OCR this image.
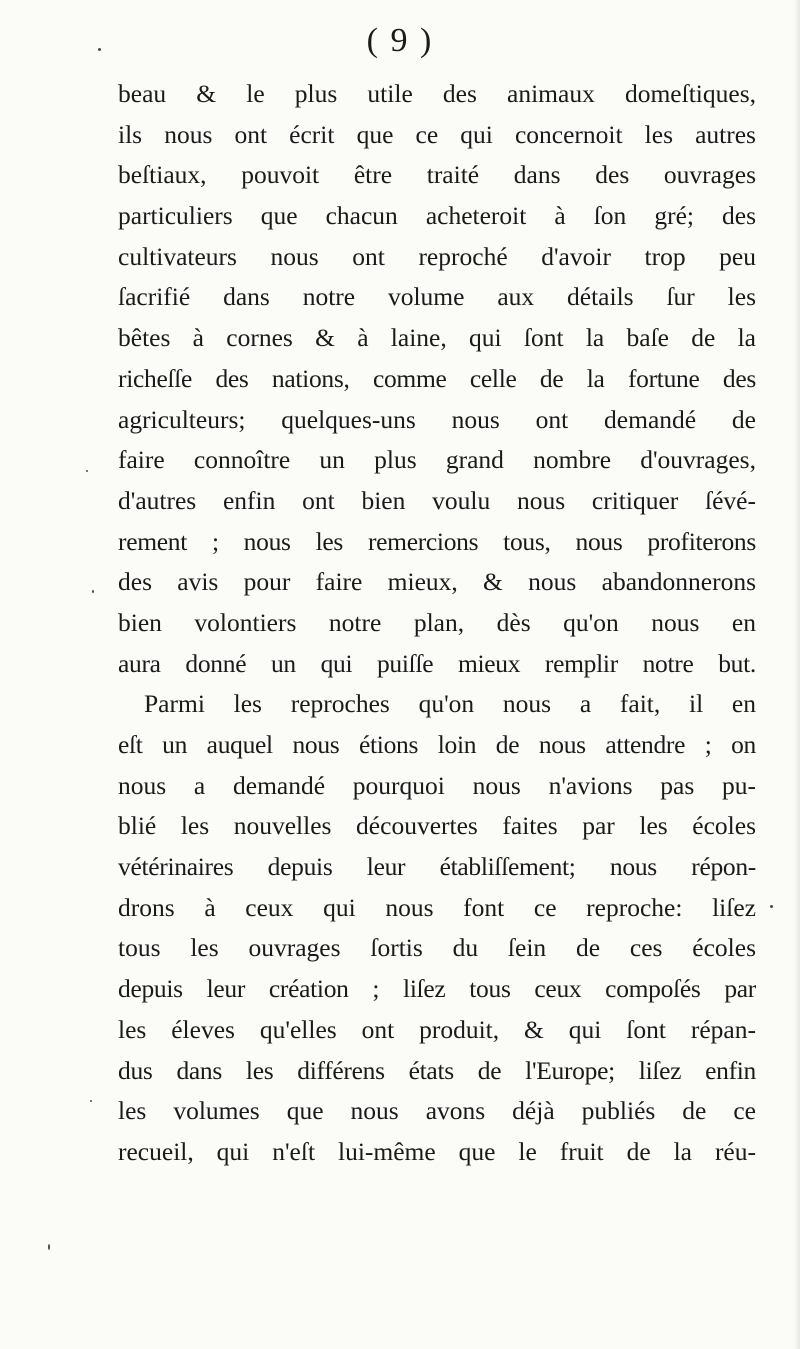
( 9 )
beau & le plus utile des animaux domeſtiques,
ils nous ont écrit que ce qui concernoit les autres
beſtiaux, pouvoit être traité dans des ouvrages
particuliers que chacun acheteroit à ſon gré; des
cultivateurs nous ont reproché d'avoir trop peu
ſacrifié dans notre volume aux détails ſur les
bêtes à cornes & à laine, qui ſont la baſe de la
richeſſe des nations, comme celle de la fortune des
agriculteurs; quelques-uns nous ont demandé de
faire connoître un plus grand nombre d'ouvrages,
d'autres enfin ont bien voulu nous critiquer ſévé-
rement ; nous les remercions tous, nous profiterons
des avis pour faire mieux, & nous abandonnerons
bien volontiers notre plan, dès qu'on nous en
aura donné un qui puiſſe mieux remplir notre but.
Parmi les reproches qu'on nous a fait, il en
eſt un auquel nous étions loin de nous attendre ; on
nous a demandé pourquoi nous n'avions pas pu-
blié les nouvelles découvertes faites par les écoles
vétérinaires depuis leur établiſſement; nous répon-
drons à ceux qui nous font ce reproche: liſez
tous les ouvrages ſortis du ſein de ces écoles
depuis leur création ; liſez tous ceux compoſés par
les éleves qu'elles ont produit, & qui ſont répan-
dus dans les différens états de l'Europe; liſez enfin
les volumes que nous avons déjà publiés de ce
recueil, qui n'eſt lui-même que le fruit de la réu-
